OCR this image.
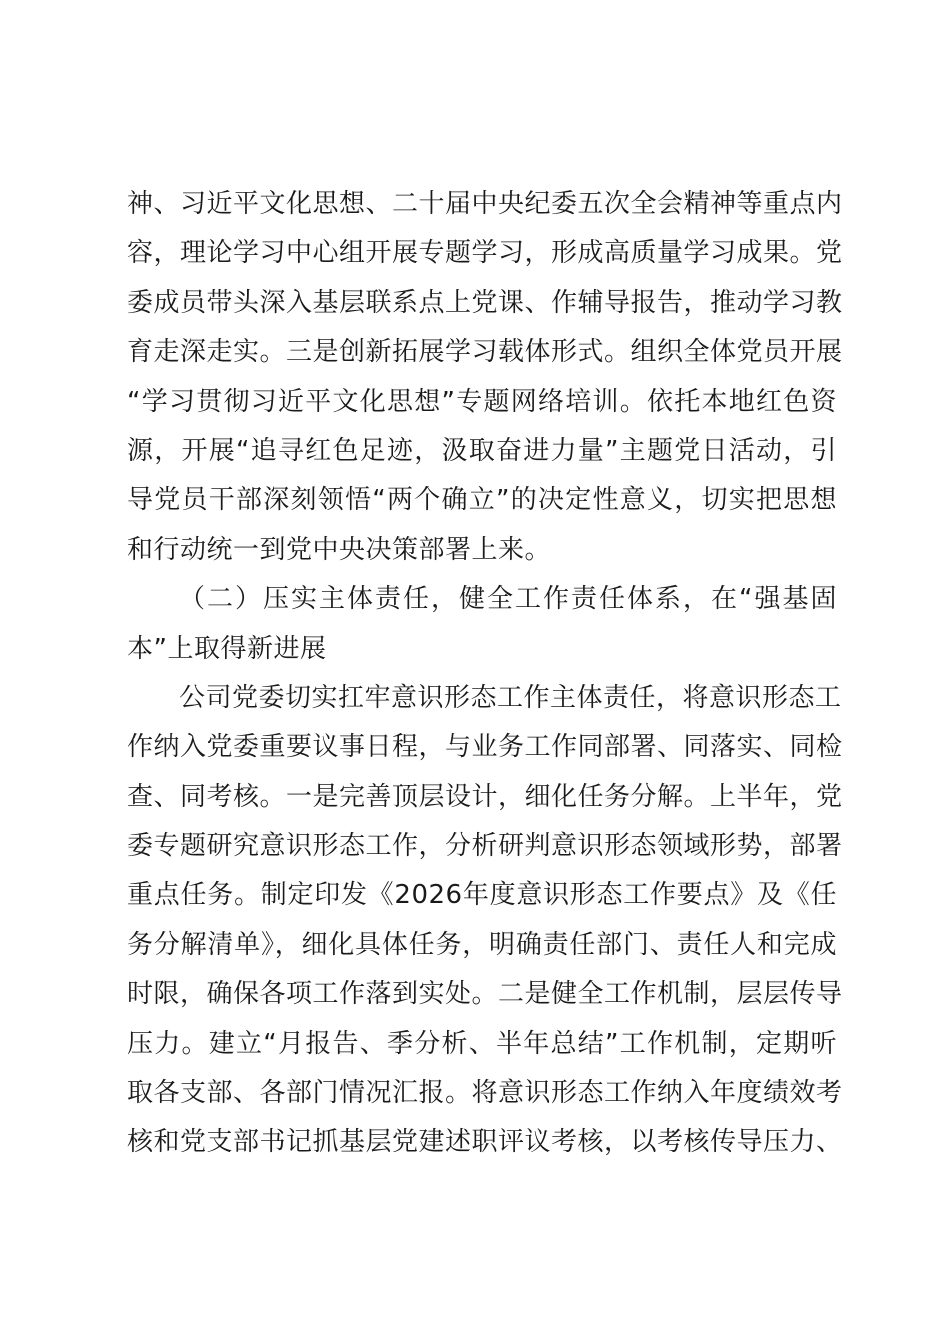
神、习近平文化思想、二十届中央纪委五次全会精神等重点内
容，理论学习中心组开展专题学习，形成高质量学习成果。党
委成员带头深入基层联系点上党课、作辅导报告，推动学习教
育走深走实。三是创新拓展学习载体形式。组织全体党员开展
“学习贯彻习近平文化思想”专题网络培训。依托本地红色资
源，开展“追寻红色足迹，汲取奋进力量”主题党日活动，引
导党员干部深刻领悟“两个确立”的决定性意义，切实把思想
和行动统一到党中央决策部署上来。
（二）压实主体责任，健全工作责任体系，在“强基固
本”上取得新进展
公司党委切实扛牢意识形态工作主体责任，将意识形态工
作纳入党委重要议事日程，与业务工作同部署、同落实、同检
查、同考核。一是完善顶层设计，细化任务分解。上半年，党
委专题研究意识形态工作，分析研判意识形态领域形势，部署
重点任务。制定印发《2026年度意识形态工作要点》及《任
务分解清单》，细化具体任务，明确责任部门、责任人和完成
时限，确保各项工作落到实处。二是健全工作机制，层层传导
压力。建立“月报告、季分析、半年总结”工作机制，定期听
取各支部、各部门情况汇报。将意识形态工作纳入年度绩效考
核和党支部书记抓基层党建述职评议考核，以考核传导压力、
